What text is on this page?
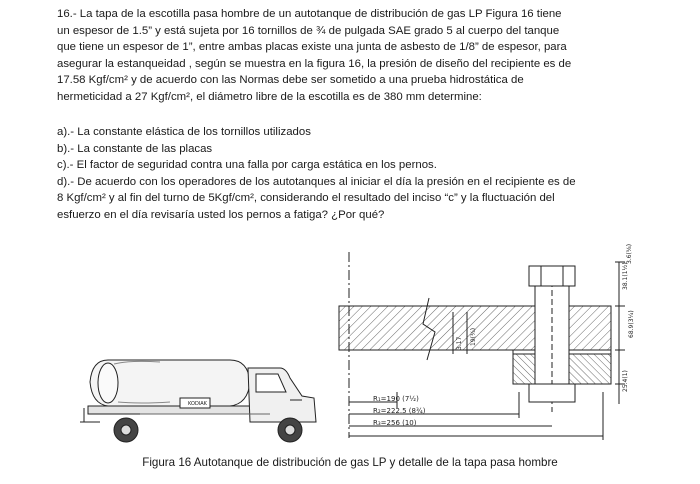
16.- La tapa de la escotilla pasa hombre de un autotanque de distribución de gas LP Figura 16 tiene

un espesor de 1.5” y está sujeta por 16 tornillos de ¾ de pulgada SAE grado 5 al cuerpo del tanque

que tiene un espesor de 1”, entre ambas placas existe una junta de asbesto de 1/8” de espesor, para

asegurar la estanqueidad , según se muestra en la figura 16, la presión de diseño del recipiente es de

17.58 Kgf/cm² y de acuerdo con las Normas debe ser sometido a una prueba hidrostática de

hermeticidad a 27 Kgf/cm², el diámetro libre de la escotilla es de 380 mm determine:

a).- La constante elástica de los tornillos utilizados

b).- La constante de las placas

c).- El factor de seguridad contra una falla por carga estática en los pernos.

d).- De acuerdo con los operadores de los autotanques al iniciar el día la presión en el recipiente es de

8 Kgf/cm² y al fin del turno de 5Kgf/cm², considerando el resultado del inciso “c” y la fluctuación del

esfuerzo en el día revisaría usted los pernos a fatiga? ¿Por qué?

KODIAK
R₁=190 (7½)
R₂=222.5 (8¾)
R₃=256 (10)
38.1(1½)
3.6(⅝)
68.9(3¼)
25.4(1)
3.17 19(¾)
Figura 16 Autotanque de distribución de gas LP y detalle de la tapa pasa hombre
